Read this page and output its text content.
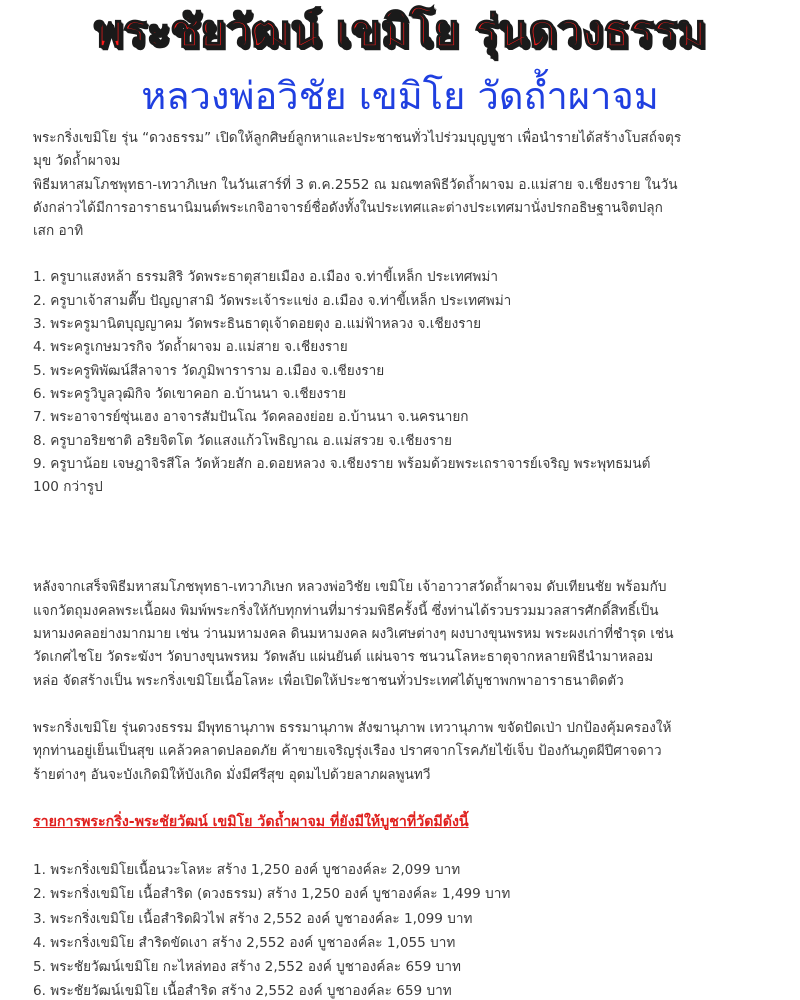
พระชัยวัฒน์ เขมิโย รุ่นดวงธรรม
หลวงพ่อวิชัย เขมิโย วัดถ้ำผาจม

พระกริ่งเขมิโย รุ่น “ดวงธรรม” เปิดให้ลูกศิษย์ลูกหาและประชาชนทั่วไปร่วมบุญบูชา เพื่อนำรายได้สร้างโบสถ์จตุร

มุข วัดถ้ำผาจม

พิธีมหาสมโภชพุทธา-เทวาภิเษก ในวันเสาร์ที่ 3 ต.ค.2552 ณ มณฑลพิธีวัดถ้ำผาจม อ.แม่สาย จ.เชียงราย ในวัน

ดังกล่าวได้มีการอาราธนานิมนต์พระเกจิอาจารย์ชื่อดังทั้งในประเทศและต่างประเทศมานั่งปรกอธิษฐานจิตปลุก

เสก อาทิ

1. ครูบาแสงหล้า ธรรมสิริ วัดพระธาตุสายเมือง อ.เมือง จ.ท่าขี้เหล็ก ประเทศพม่า
2. ครูบาเจ้าสามตื๊บ ปัญญาสามิ วัดพระเจ้าระแข่ง อ.เมือง จ.ท่าขี้เหล็ก ประเทศพม่า
3. พระครูมานิตบุญญาคม วัดพระธินธาตุเจ้าดอยตุง อ.แม่ฟ้าหลวง จ.เชียงราย
4. พระครูเกษมวรกิจ วัดถ้ำผาจม อ.แม่สาย จ.เชียงราย
5. พระครูพิพัฒน์สีลาจาร วัดภูมิพาราราม อ.เมือง จ.เชียงราย
6. พระครูวิบูลวุฒิกิจ วัดเขาคอก อ.บ้านนา จ.เชียงราย
7. พระอาจารย์ซุ่นเฮง อาจารสัมปันโณ วัดคลองย่อย อ.บ้านนา จ.นครนายก
8. ครูบาอริยชาติ อริยจิตโต วัดแสงแก้วโพธิญาณ อ.แม่สรวย จ.เชียงราย
9. ครูบาน้อย เจษฎาจิรสีโล วัดห้วยสัก อ.ดอยหลวง จ.เชียงราย พร้อมด้วยพระเถราจารย์เจริญ พระพุทธมนต์

100 กว่ารูป

หลังจากเสร็จพิธีมหาสมโภชพุทธา-เทวาภิเษก หลวงพ่อวิชัย เขมิโย เจ้าอาวาสวัดถ้ำผาจม ดับเทียนชัย พร้อมกับ

แจกวัตถุมงคลพระเนื้อผง พิมพ์พระกริ่งให้กับทุกท่านที่มาร่วมพิธีครั้งนี้ ซึ่งท่านได้รวบรวมมวลสารศักดิ์สิทธิ์เป็น

มหามงคลอย่างมากมาย เช่น ว่านมหามงคล ดินมหามงคล ผงวิเศษต่างๆ ผงบางขุนพรหม พระผงเก่าที่ชำรุด เช่น

วัดเกศไชโย วัดระฆังฯ วัดบางขุนพรหม วัดพลับ แผ่นยันต์ แผ่นจาร ชนวนโลหะธาตุจากหลายพิธีนำมาหลอม

หล่อ จัดสร้างเป็น พระกริ่งเขมิโยเนื้อโลหะ เพื่อเปิดให้ประชาชนทั่วประเทศได้บูชาพกพาอาราธนาติดตัว

พระกริ่งเขมิโย รุ่นดวงธรรม มีพุทธานุภาพ ธรรมานุภาพ สังฆานุภาพ เทวานุภาพ ขจัดปัดเป่า ปกป้องคุ้มครองให้

ทุกท่านอยู่เย็นเป็นสุข แคล้วคลาดปลอดภัย ค้าขายเจริญรุ่งเรือง ปราศจากโรคภัยไข้เจ็บ ป้องกันภูตผีปีศาจดาว

ร้ายต่างๆ อันจะบังเกิดมิให้บังเกิด มั่งมีศรีสุข อุดมไปด้วยลาภผลพูนทวี

รายการพระกริ่ง-พระชัยวัฒน์ เขมิโย วัดถ้ำผาจม ที่ยังมีให้บูชาที่วัดมีดังนี้

1. พระกริ่งเขมิโยเนื้อนวะโลหะ สร้าง 1,250 องค์ บูชาองค์ละ 2,099 บาท
2. พระกริ่งเขมิโย เนื้อสำริด (ดวงธรรม) สร้าง 1,250 องค์ บูชาองค์ละ 1,499 บาท
3. พระกริ่งเขมิโย เนื้อสำริดผิวไฟ สร้าง 2,552 องค์ บูชาองค์ละ 1,099 บาท
4. พระกริ่งเขมิโย สำริดขัดเงา สร้าง 2,552 องค์ บูชาองค์ละ 1,055 บาท
5. พระชัยวัฒน์เขมิโย กะไหล่ทอง สร้าง 2,552 องค์ บูชาองค์ละ 659 บาท
6. พระชัยวัฒน์เขมิโย เนื้อสำริด สร้าง 2,552 องค์ บูชาองค์ละ 659 บาท
